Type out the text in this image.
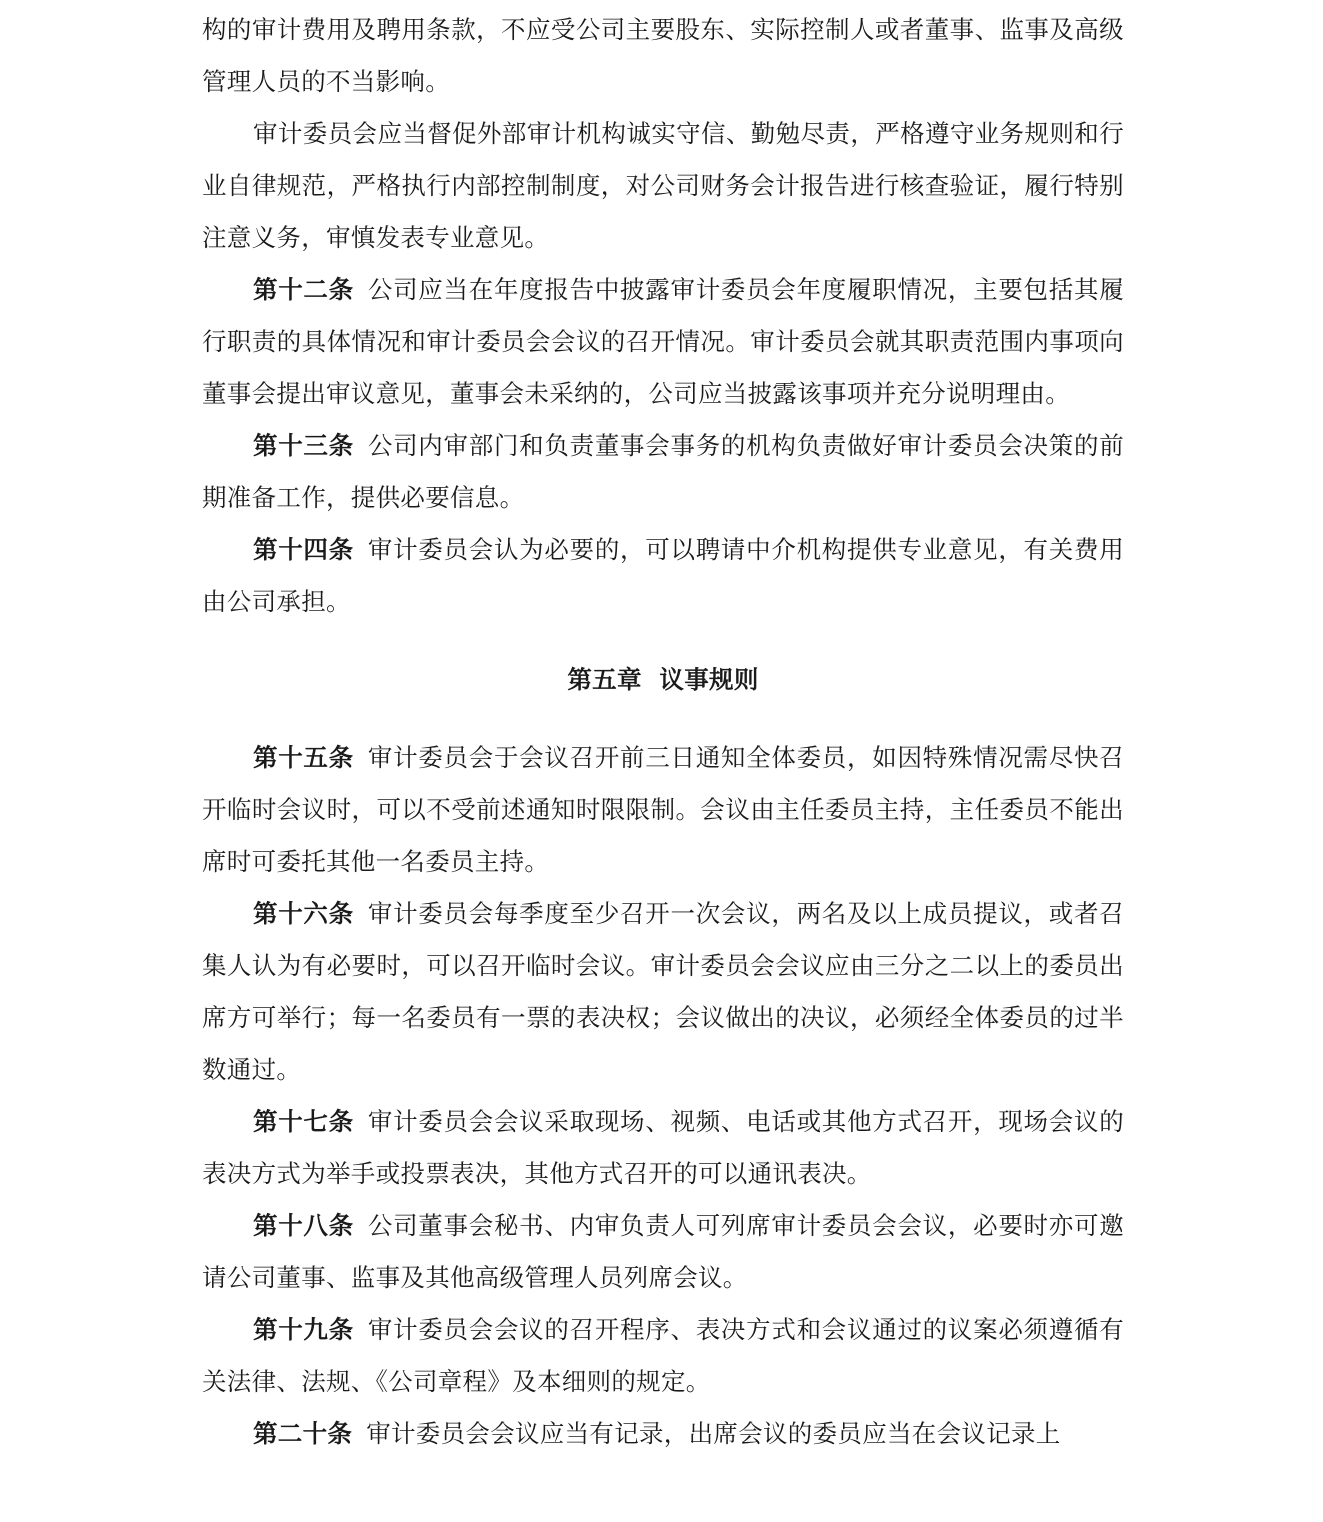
构的审计费用及聘用条款，不应受公司主要股东、实际控制人或者董事、监事及高级管理人员的不当影响。

审计委员会应当督促外部审计机构诚实守信、勤勉尽责，严格遵守业务规则和行业自律规范，严格执行内部控制制度，对公司财务会计报告进行核查验证，履行特别注意义务，审慎发表专业意见。

第十二条 公司应当在年度报告中披露审计委员会年度履职情况，主要包括其履行职责的具体情况和审计委员会会议的召开情况。审计委员会就其职责范围内事项向董事会提出审议意见，董事会未采纳的，公司应当披露该事项并充分说明理由。

第十三条 公司内审部门和负责董事会事务的机构负责做好审计委员会决策的前期准备工作，提供必要信息。

第十四条 审计委员会认为必要的，可以聘请中介机构提供专业意见，有关费用由公司承担。

第五章  议事规则

第十五条 审计委员会于会议召开前三日通知全体委员，如因特殊情况需尽快召开临时会议时，可以不受前述通知时限限制。会议由主任委员主持，主任委员不能出席时可委托其他一名委员主持。

第十六条 审计委员会每季度至少召开一次会议，两名及以上成员提议，或者召集人认为有必要时，可以召开临时会议。审计委员会会议应由三分之二以上的委员出席方可举行；每一名委员有一票的表决权；会议做出的决议，必须经全体委员的过半数通过。

第十七条 审计委员会会议采取现场、视频、电话或其他方式召开，现场会议的表决方式为举手或投票表决，其他方式召开的可以通讯表决。

第十八条 公司董事会秘书、内审负责人可列席审计委员会会议，必要时亦可邀请公司董事、监事及其他高级管理人员列席会议。

第十九条 审计委员会会议的召开程序、表决方式和会议通过的议案必须遵循有关法律、法规、《公司章程》及本细则的规定。

第二十条 审计委员会会议应当有记录，出席会议的委员应当在会议记录上
